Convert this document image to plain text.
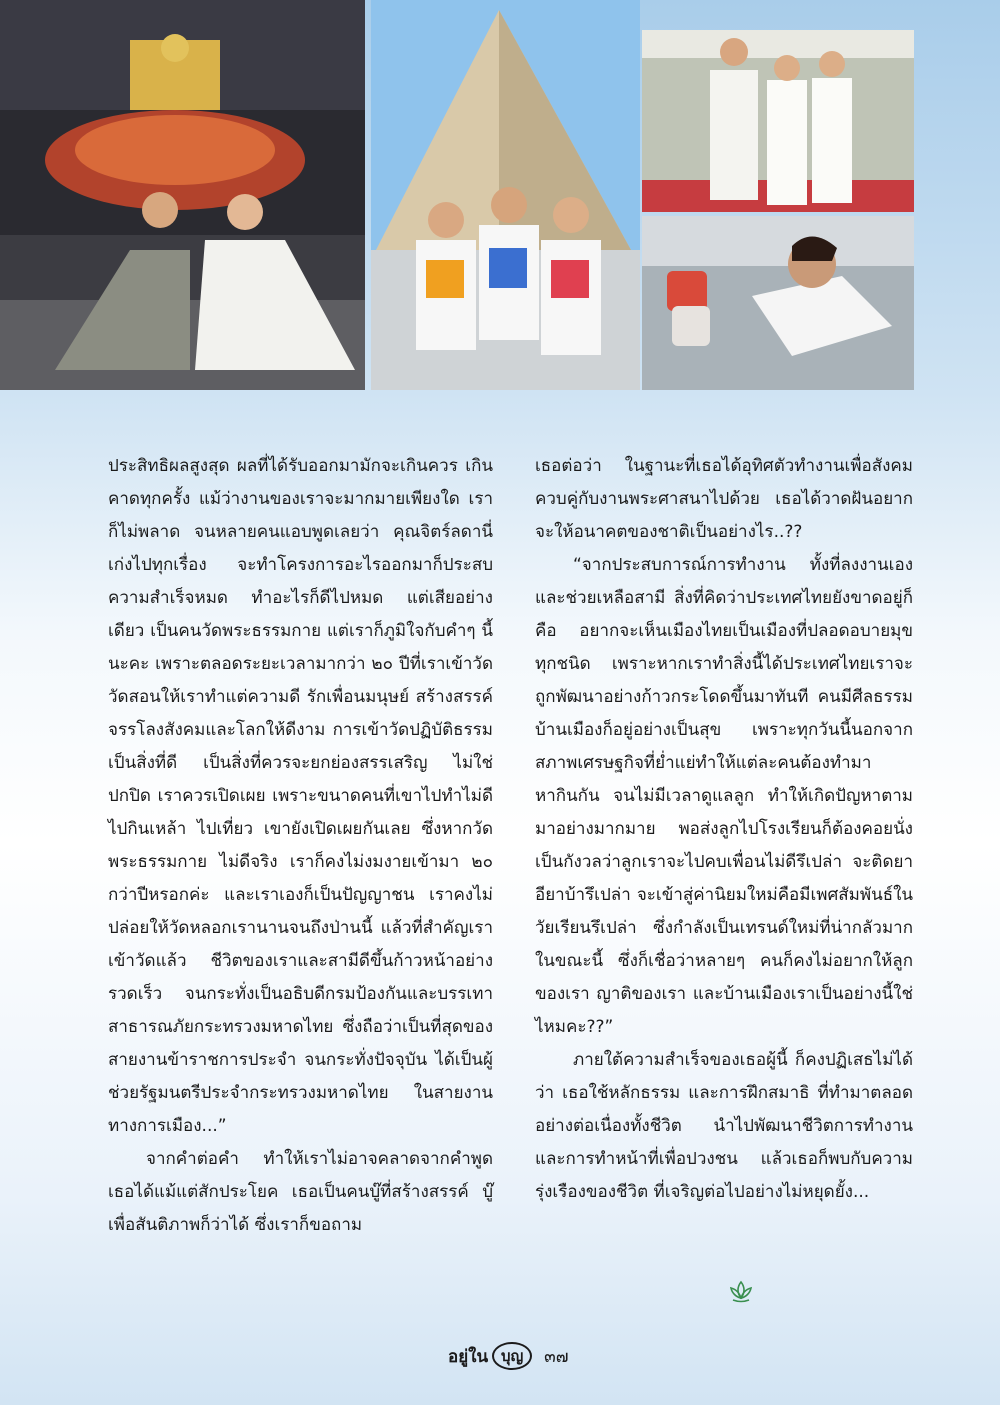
ประสิทธิผลสูงสุด ผลที่ได้รับออกมามักจะเกินควร เกินคาดทุกครั้ง แม้ว่างานของเราจะมากมายเพียงใด เราก็ไม่พลาด จนหลายคนแอบพูดเลยว่า คุณจิตร์ลดานี่เก่งไปทุกเรื่อง จะทำโครงการอะไรออกมาก็ประสบความสำเร็จหมด ทำอะไรก็ดีไปหมด แต่เสียอย่างเดียว เป็นคนวัดพระธรรมกาย แต่เราก็ภูมิใจกับคำๆ นี้นะคะ เพราะตลอดระยะเวลามากว่า ๒๐ ปีที่เราเข้าวัด วัดสอนให้เราทำแต่ความดี รักเพื่อนมนุษย์ สร้างสรรค์ จรรโลงสังคมและโลกให้ดีงาม การเข้าวัดปฏิบัติธรรมเป็นสิ่งที่ดี เป็นสิ่งที่ควรจะยกย่องสรรเสริญ ไม่ใช่ปกปิด เราควรเปิดเผย เพราะขนาดคนที่เขาไปทำไม่ดี ไปกินเหล้า ไปเที่ยว เขายังเปิดเผยกันเลย ซึ่งหากวัดพระธรรมกาย ไม่ดีจริง เราก็คงไม่งมงายเข้ามา ๒๐ กว่าปีหรอกค่ะ และเราเองก็เป็นปัญญาชน เราคงไม่ปล่อยให้วัดหลอกเรานานจนถึงป่านนี้ แล้วที่สำคัญเราเข้าวัดแล้ว ชีวิตของเราและสามีดีขึ้นก้าวหน้าอย่างรวดเร็ว จนกระทั่งเป็นอธิบดีกรมป้องกันและบรรเทาสาธารณภัยกระทรวงมหาดไทย ซึ่งถือว่าเป็นที่สุดของสายงานข้าราชการประจำ จนกระทั่งปัจจุบัน ได้เป็นผู้ช่วยรัฐมนตรีประจำกระทรวงมหาดไทย ในสายงานทางการเมือง...”

จากคำต่อคำ ทำให้เราไม่อาจคลาดจากคำพูดเธอได้แม้แต่สักประโยค เธอเป็นคนบู๊ที่สร้างสรรค์ บู๊เพื่อสันติภาพก็ว่าได้ ซึ่งเราก็ขอถาม

เธอต่อว่า ในฐานะที่เธอได้อุทิศตัวทำงานเพื่อสังคมควบคู่กับงานพระศาสนาไปด้วย เธอได้วาดฝันอยากจะให้อนาคตของชาติเป็นอย่างไร..??

“จากประสบการณ์การทำงาน ทั้งที่ลงงานเองและช่วยเหลือสามี สิ่งที่คิดว่าประเทศไทยยังขาดอยู่ก็คือ อยากจะเห็นเมืองไทยเป็นเมืองที่ปลอดอบายมุขทุกชนิด เพราะหากเราทำสิ่งนี้ได้ประเทศไทยเราจะถูกพัฒนาอย่างก้าวกระโดดขึ้นมาทันที คนมีศีลธรรม บ้านเมืองก็อยู่อย่างเป็นสุข เพราะทุกวันนี้นอกจากสภาพเศรษฐกิจที่ย่ำแย่ทำให้แต่ละคนต้องทำมาหากินกัน จนไม่มีเวลาดูแลลูก ทำให้เกิดปัญหาตามมาอย่างมากมาย พอส่งลูกไปโรงเรียนก็ต้องคอยนั่งเป็นกังวลว่าลูกเราจะไปคบเพื่อนไม่ดีรึเปล่า จะติดยาอียาบ้ารึเปล่า จะเข้าสู่ค่านิยมใหม่คือมีเพศสัมพันธ์ในวัยเรียนรึเปล่า ซึ่งกำลังเป็นเทรนด์ใหม่ที่น่ากลัวมากในขณะนี้ ซึ่งก็เชื่อว่าหลายๆ คนก็คงไม่อยากให้ลูกของเรา ญาติของเรา และบ้านเมืองเราเป็นอย่างนี้ใช่ไหมคะ??”

ภายใต้ความสำเร็จของเธอผู้นี้ ก็คงปฏิเสธไม่ได้ว่า เธอใช้หลักธรรม และการฝึกสมาธิ ที่ทำมาตลอดอย่างต่อเนื่องทั้งชีวิต นำไปพัฒนาชีวิตการทำงาน และการทำหน้าที่เพื่อปวงชน แล้วเธอก็พบกับความรุ่งเรืองของชีวิต ที่เจริญต่อไปอย่างไม่หยุดยั้ง...

อยู่ใน บุญ	๓๗
